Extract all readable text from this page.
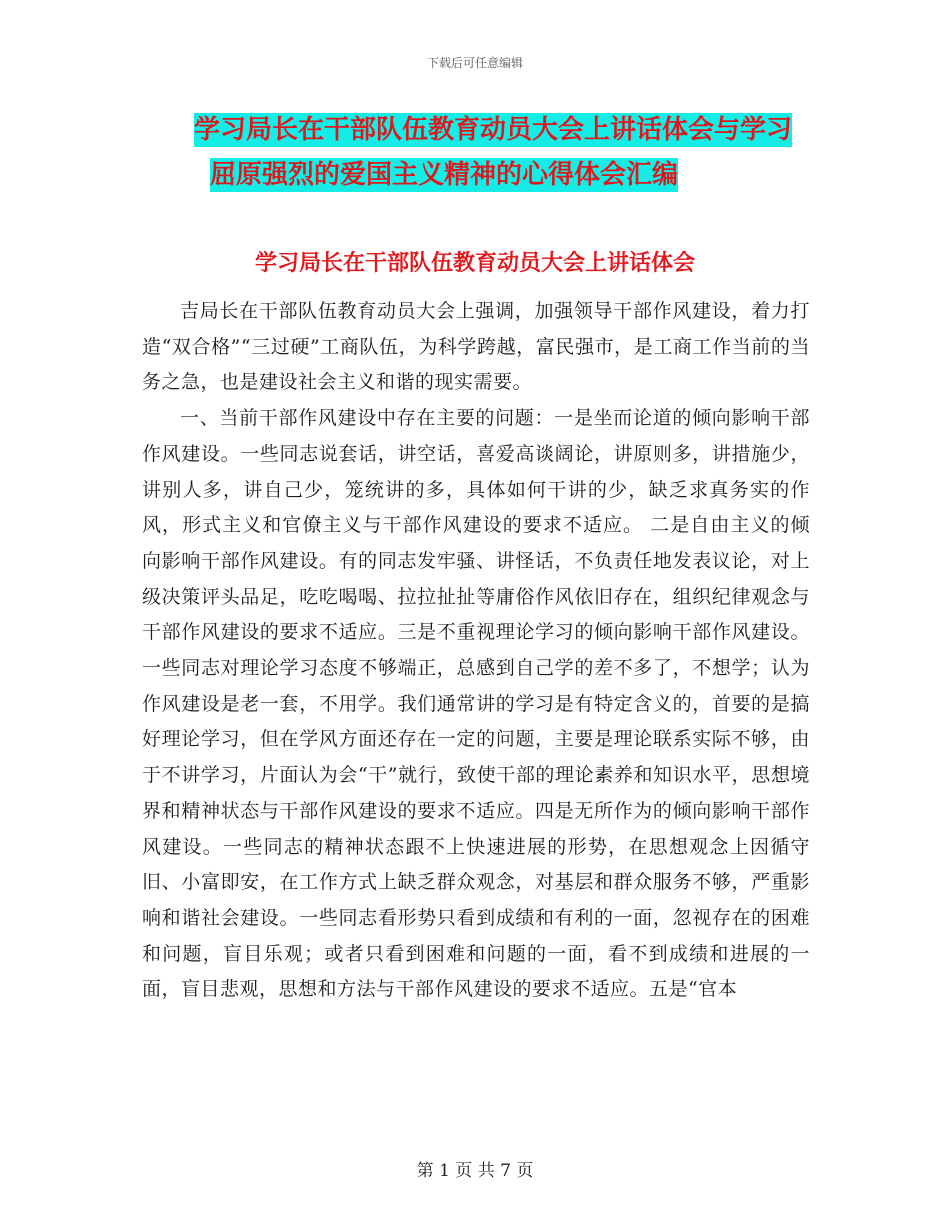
下载后可任意编辑
学习局长在干部队伍教育动员大会上讲话体会与学习
屈原强烈的爱国主义精神的心得体会汇编
学习局长在干部队伍教育动员大会上讲话体会

吉局长在干部队伍教育动员大会上强调，加强领导干部作风建设，着力打造“双合格”“三过硬”工商队伍，为科学跨越，富民强市，是工商工作当前的当务之急，也是建设社会主义和谐的现实需要。

一、当前干部作风建设中存在主要的问题：一是坐而论道的倾向影响干部作风建设。一些同志说套话，讲空话，喜爱高谈阔论，讲原则多，讲措施少，讲别人多，讲自己少，笼统讲的多，具体如何干讲的少，缺乏求真务实的作风，形式主义和官僚主义与干部作风建设的要求不适应。 二是自由主义的倾向影响干部作风建设。有的同志发牢骚、讲怪话，不负责任地发表议论，对上级决策评头品足，吃吃喝喝、拉拉扯扯等庸俗作风依旧存在，组织纪律观念与干部作风建设的要求不适应。三是不重视理论学习的倾向影响干部作风建设。一些同志对理论学习态度不够端正，总感到自己学的差不多了，不想学；认为作风建设是老一套，不用学。我们通常讲的学习是有特定含义的，首要的是搞好理论学习，但在学风方面还存在一定的问题，主要是理论联系实际不够，由于不讲学习，片面认为会“干”就行，致使干部的理论素养和知识水平，思想境界和精神状态与干部作风建设的要求不适应。四是无所作为的倾向影响干部作风建设。一些同志的精神状态跟不上快速进展的形势，在思想观念上因循守旧、小富即安，在工作方式上缺乏群众观念，对基层和群众服务不够，严重影响和谐社会建设。一些同志看形势只看到成绩和有利的一面，忽视存在的困难和问题，盲目乐观；或者只看到困难和问题的一面，看不到成绩和进展的一面，盲目悲观，思想和方法与干部作风建设的要求不适应。五是“官本

第 1 页 共 7 页
